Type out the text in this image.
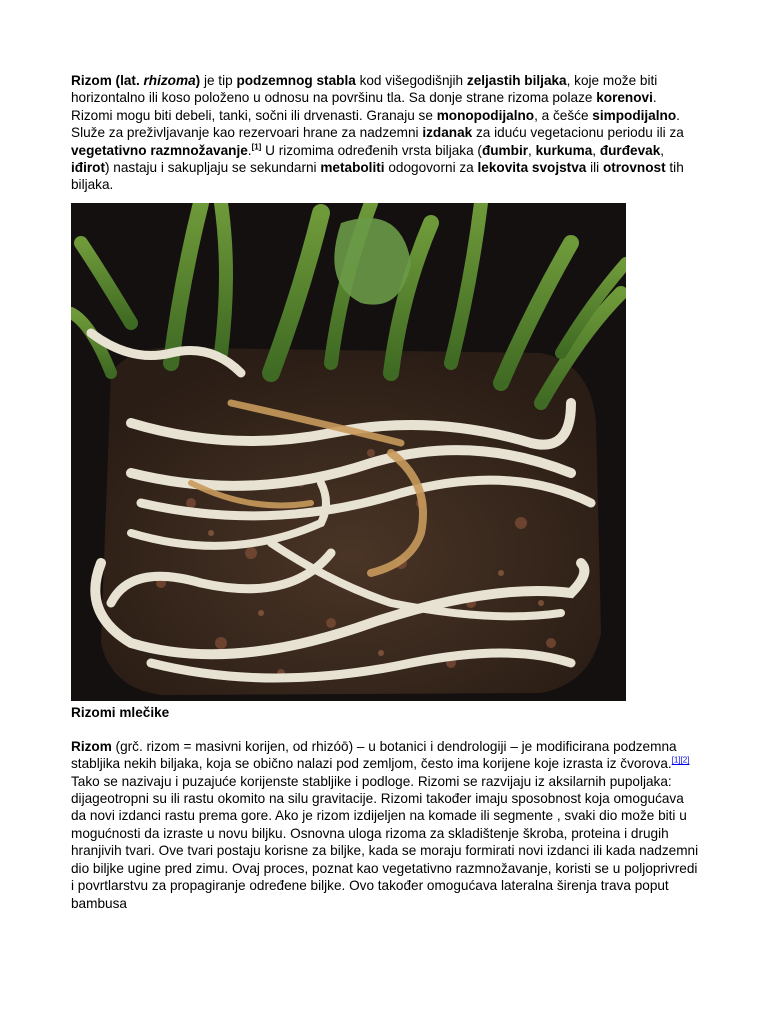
Rizom (lat. rhizoma) je tip podzemnog stabla kod višegodišnjih zeljastih biljaka, koje može biti horizontalno ili koso položeno u odnosu na površinu tla. Sa donje strane rizoma polaze korenovi. Rizomi mogu biti debeli, tanki, sočni ili drvenasti. Granaju se monopodijalno, a češće simpodijalno. Služe za preživljavanje kao rezervoari hrane za nadzemni izdanak za iduću vegetacionu periodu ili za vegetativno razmnožavanje.[1] U rizomima određenih vrsta biljaka (đumbir, kurkuma, đurđevak, iđirot) nastaju i sakupljaju se sekundarni metaboliti odogovorni za lekovita svojstva ili otrovnost tih biljaka.

Rizomi mlečike

Rizom (grč. rizom = masivni korijen, od rhizóō) – u botanici i dendrologiji – je modificirana podzemna stabljika nekih biljaka, koja se obično nalazi pod zemljom, često ima korijene koje izrasta iz čvorova.[1][2]
Tako se nazivaju i puzajuće korijenste stabljike i podloge. Rizomi se razvijaju iz aksilarnih pupoljaka: dijageotropni su ili rastu okomito na silu gravitacije. Rizomi također imaju sposobnost koja omogućava da novi izdanci rastu prema gore. Ako je rizom izdijeljen na komade ili segmente , svaki dio može biti u mogućnosti da izraste u novu biljku. Osnovna uloga rizoma za skladištenje škroba, proteina i drugih hranjivih tvari. Ove tvari postaju korisne za biljke, kada se moraju formirati novi izdanci ili kada nadzemni dio biljke ugine pred zimu. Ovaj proces, poznat kao vegetativno razmnožavanje, koristi se u poljoprivredi i povrtlarstvu za propagiranje određene biljke. Ovo također omogućava lateralna širenja trava poput bambusa
